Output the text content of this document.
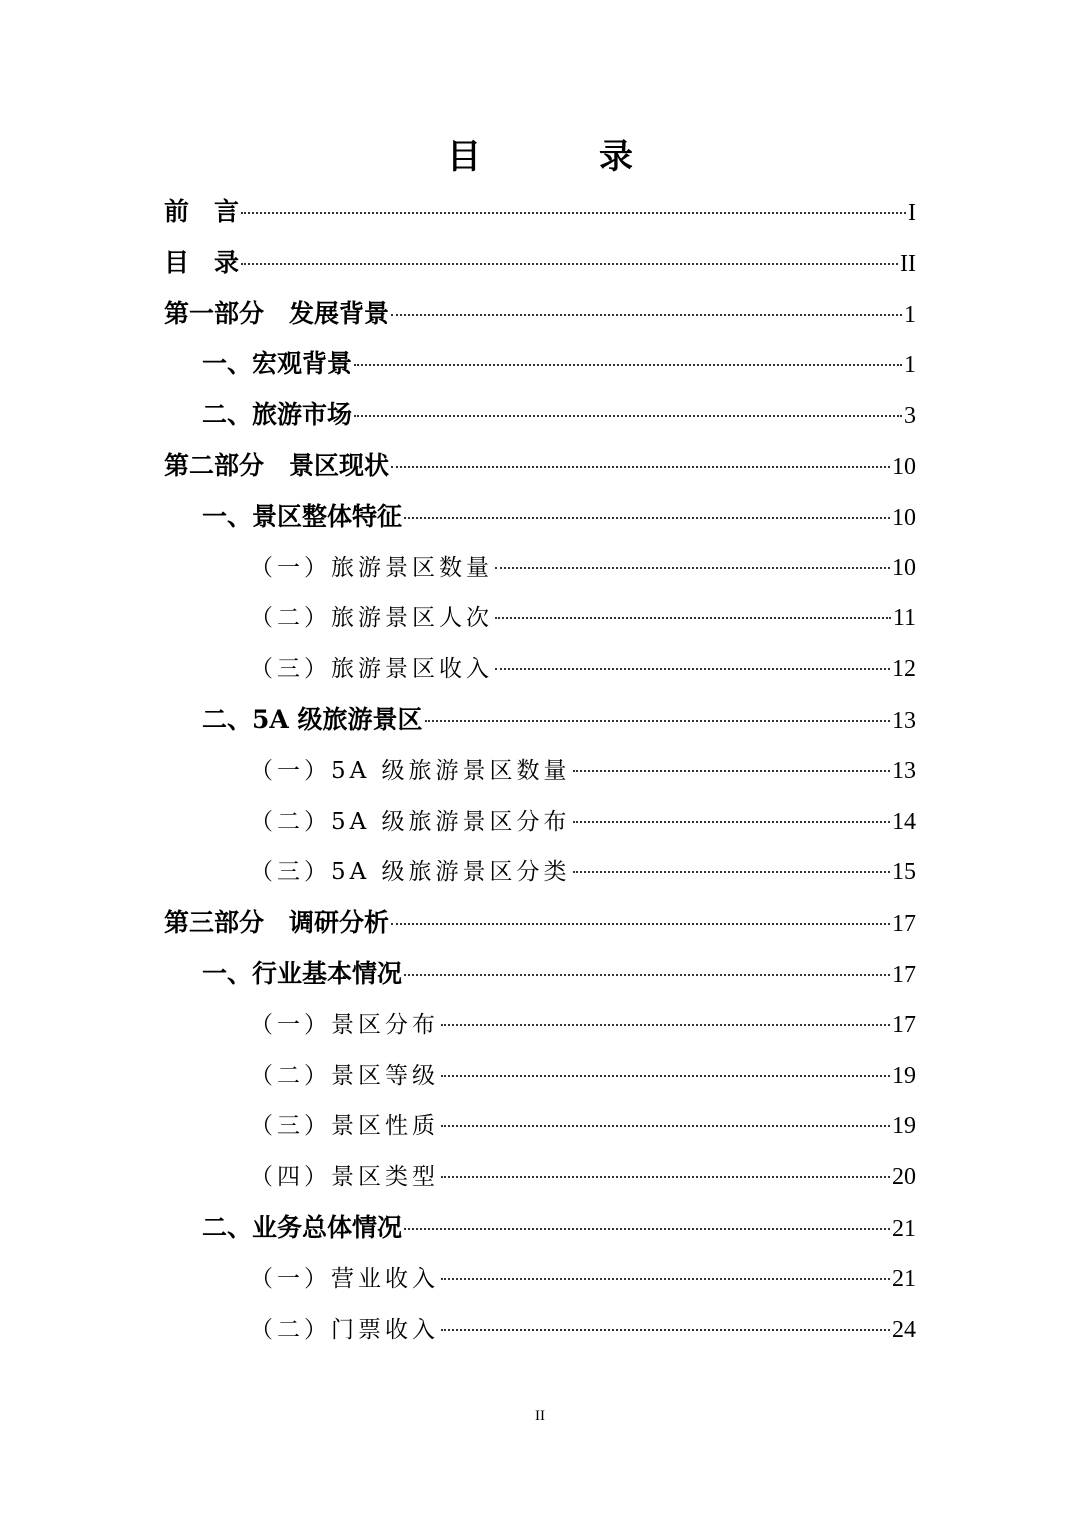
目　录
前　言	I
目　录	II
第一部分　发展背景	1
一、宏观背景	1
二、旅游市场	3
第二部分　景区现状	10
一、景区整体特征	10
（一）旅游景区数量	10
（二）旅游景区人次	11
（三）旅游景区收入	12
二、5A 级旅游景区	13
（一）5A 级旅游景区数量	13
（二）5A 级旅游景区分布	14
（三）5A 级旅游景区分类	15
第三部分　调研分析	17
一、行业基本情况	17
（一）景区分布	17
（二）景区等级	19
（三）景区性质	19
（四）景区类型	20
二、业务总体情况	21
（一）营业收入	21
（二）门票收入	24
II
